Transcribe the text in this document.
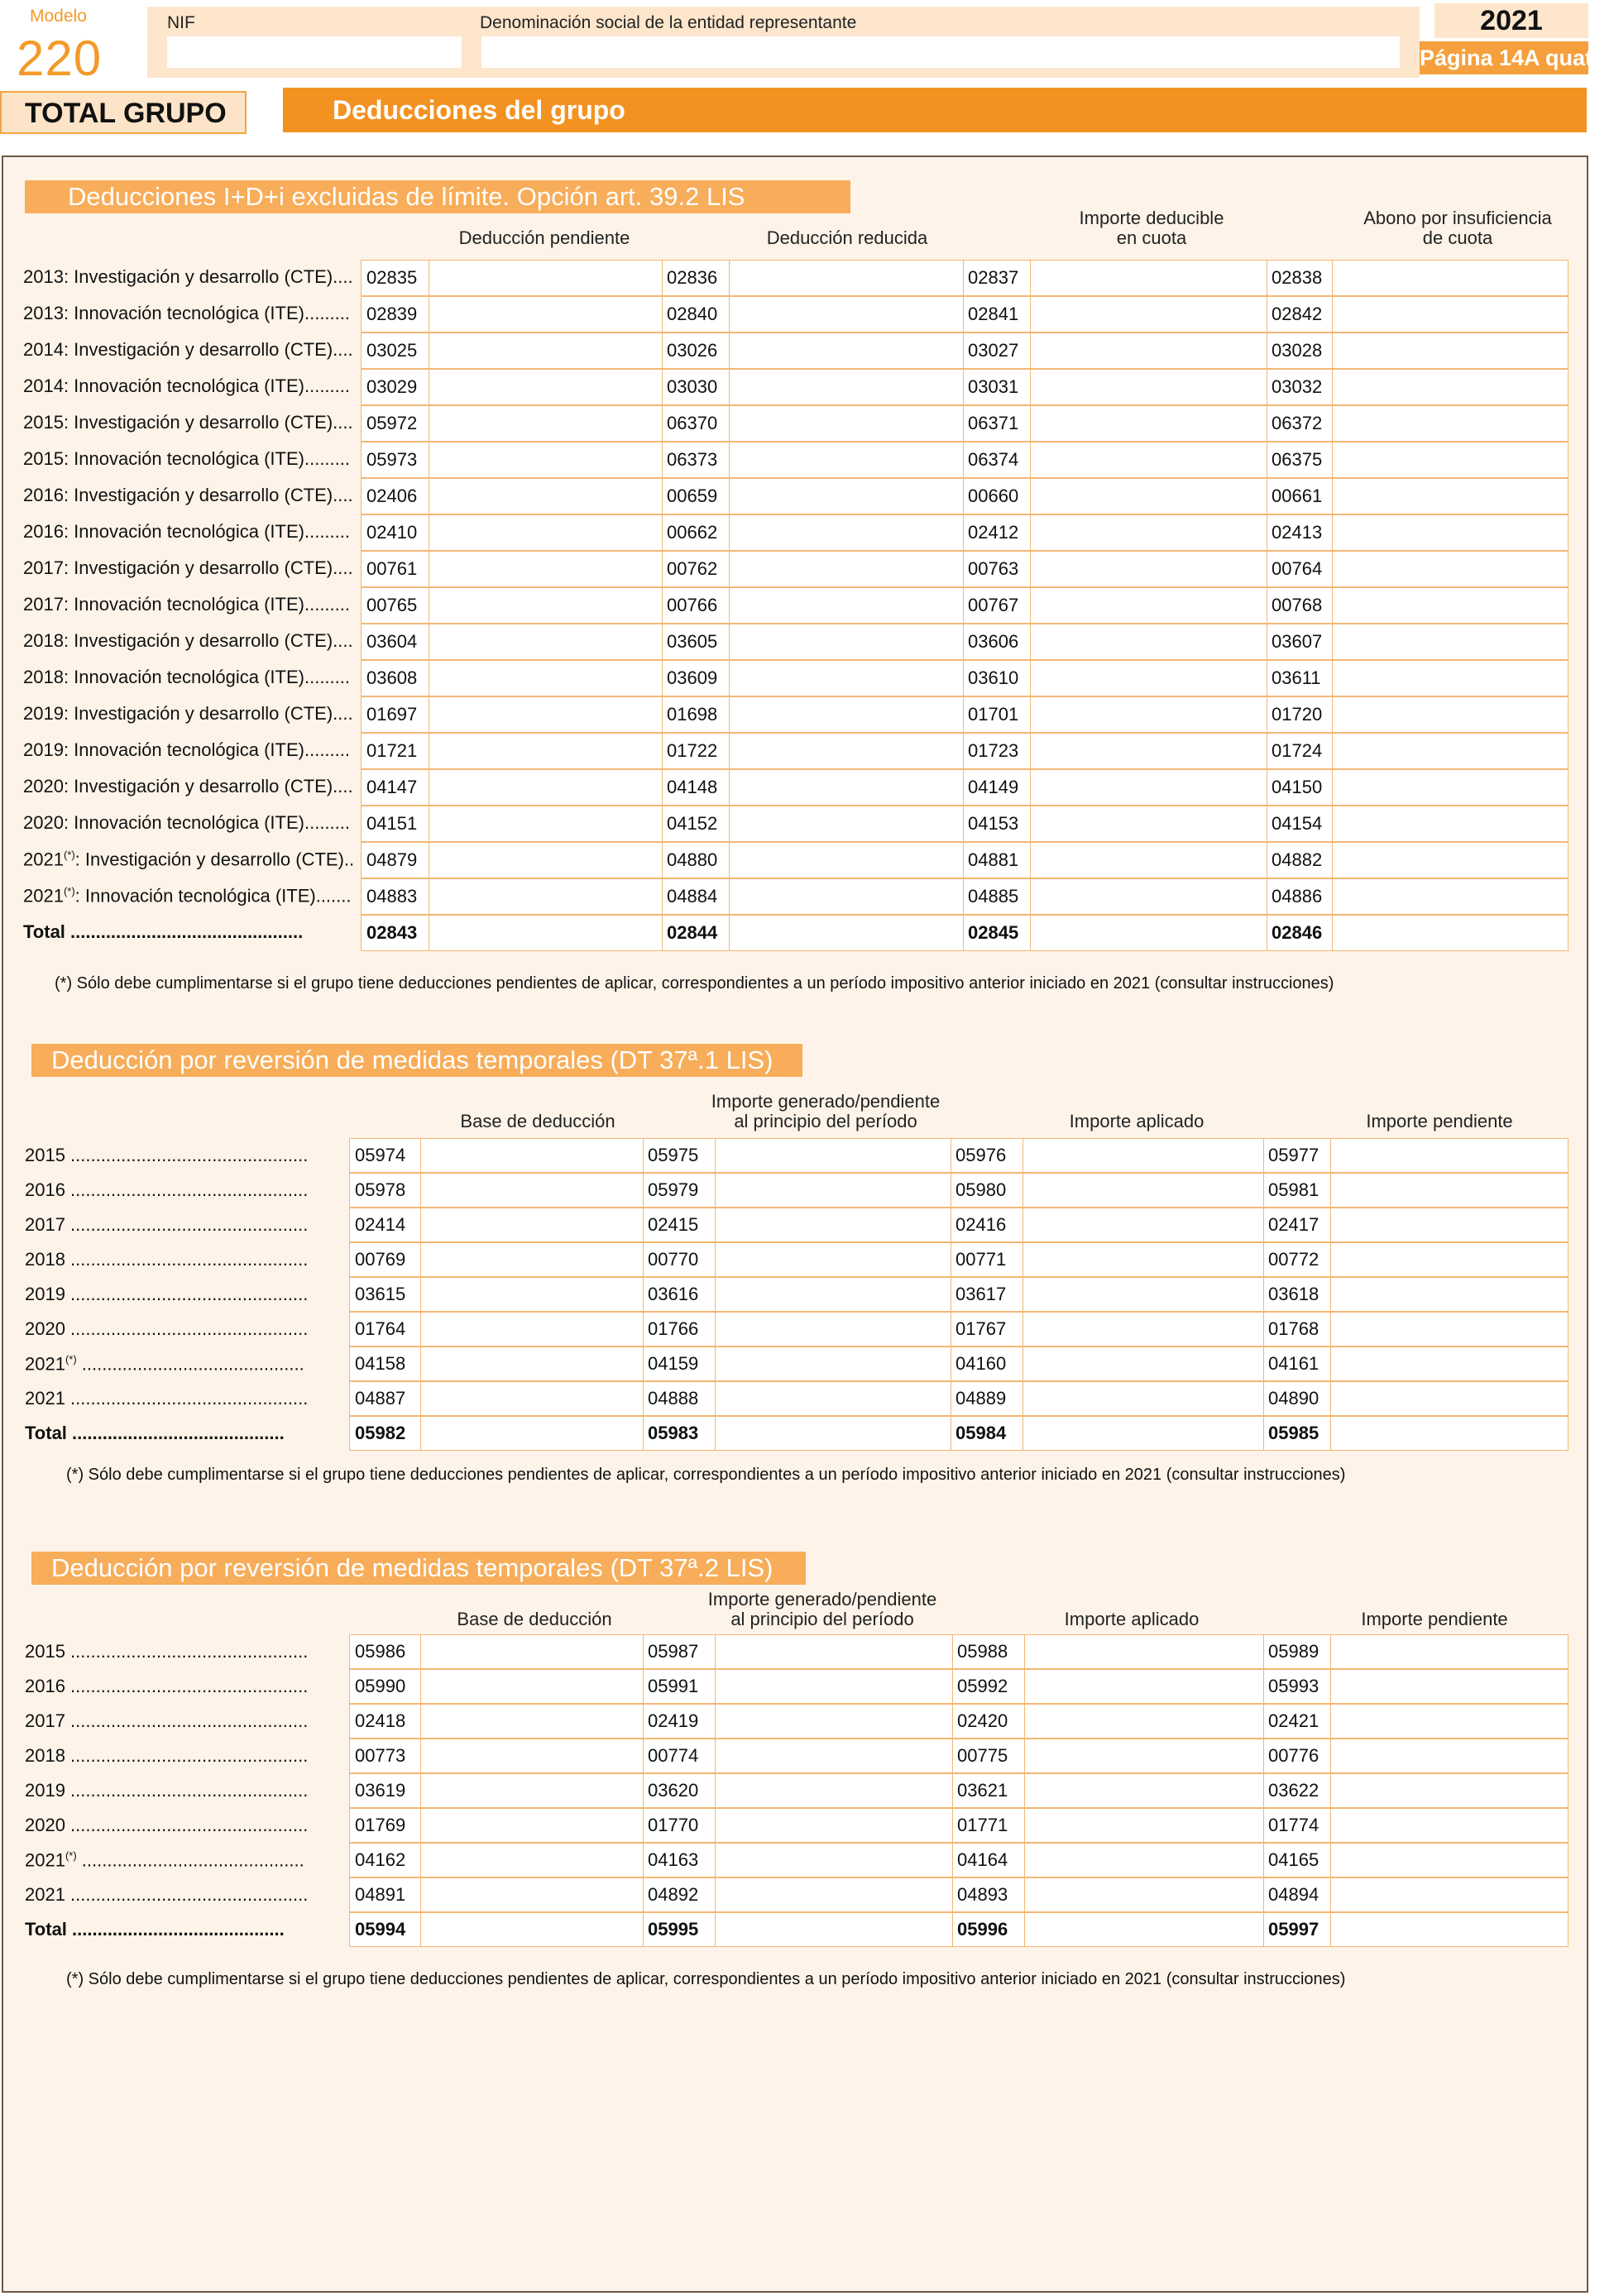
Modelo
220
NIF	Denominación social de la entidad representante	2021
Página 14A quater
TOTAL GRUPO	Deducciones del grupo
Deducciones I+D+i excluidas de límite. Opción art. 39.2 LIS
Deducción pendiente	Deducción reducida
Importe deducible
en cuota
Abono por insuficiencia
de cuota
2013: Investigación y desarrollo (CTE).... 02835	02836	02837	02838
2013: Innovación tecnológica (ITE)......... 02839	02840	02841	02842
2014: Investigación y desarrollo (CTE).... 03025	03026	03027	03028
2014: Innovación tecnológica (ITE)......... 03029	03030	03031	03032
2015: Investigación y desarrollo (CTE).... 05972	06370	06371	06372
2015: Innovación tecnológica (ITE)......... 05973	06373	06374	06375
2016: Investigación y desarrollo (CTE).... 02406	00659	00660	00661
2016: Innovación tecnológica (ITE)......... 02410	00662	02412	02413
2017: Investigación y desarrollo (CTE).... 00761	00762	00763	00764
2017: Innovación tecnológica (ITE)......... 00765	00766	00767	00768
2018: Investigación y desarrollo (CTE).... 03604	03605	03606	03607
2018: Innovación tecnológica (ITE)......... 03608	03609	03610	03611
2019: Investigación y desarrollo (CTE).... 01697	01698	01701	01720
2019: Innovación tecnológica (ITE)......... 01721	01722	01723	01724
2020: Investigación y desarrollo (CTE).... 04147	04148	04149	04150
2020: Innovación tecnológica (ITE)......... 04151	04152	04153	04154
2021(*): Investigación y desarrollo (CTE).. 04879	04880	04881	04882
2021(*): Innovación tecnológica (ITE)....... 04883	04884	04885	04886
Total ..............................................	02843	02844	02845	02846
(*) Sólo debe cumplimentarse si el grupo tiene deducciones pendientes de aplicar, correspondientes a un período impositivo anterior iniciado en 2021 (consultar instrucciones)
Deducción por reversión de medidas temporales (DT 37ª.1 LIS)
Base de deducción
Importe generado/pendiente
al principio del período	Importe aplicado	Importe pendiente
2015 ...............................................	05974	05975	05976	05977
2016 ...............................................	05978	05979	05980	05981
2017 ...............................................	02414	02415	02416	02417
2018 ...............................................	00769	00770	00771	00772
2019 ...............................................	03615	03616	03617	03618
2020 ...............................................	01764	01766	01767	01768
2021(*) ............................................	04158	04159	04160	04161
2021 ...............................................	04887	04888	04889	04890
Total ..........................................	05982	05983	05984	05985
(*) Sólo debe cumplimentarse si el grupo tiene deducciones pendientes de aplicar, correspondientes a un período impositivo anterior iniciado en 2021 (consultar instrucciones)
Deducción por reversión de medidas temporales (DT 37ª.2 LIS)
Base de deducción
Importe generado/pendiente
al principio del período	Importe aplicado	Importe pendiente
2015 ...............................................	05986	05987	05988	05989
2016 ...............................................	05990	05991	05992	05993
2017 ...............................................	02418	02419	02420	02421
2018 ...............................................	00773	00774	00775	00776
2019 ...............................................	03619	03620	03621	03622
2020 ...............................................	01769	01770	01771	01774
2021(*) ............................................	04162	04163	04164	04165
2021 ...............................................	04891	04892	04893	04894
Total ..........................................	05994	05995	05996	05997
(*) Sólo debe cumplimentarse si el grupo tiene deducciones pendientes de aplicar, correspondientes a un período impositivo anterior iniciado en 2021 (consultar instrucciones)
